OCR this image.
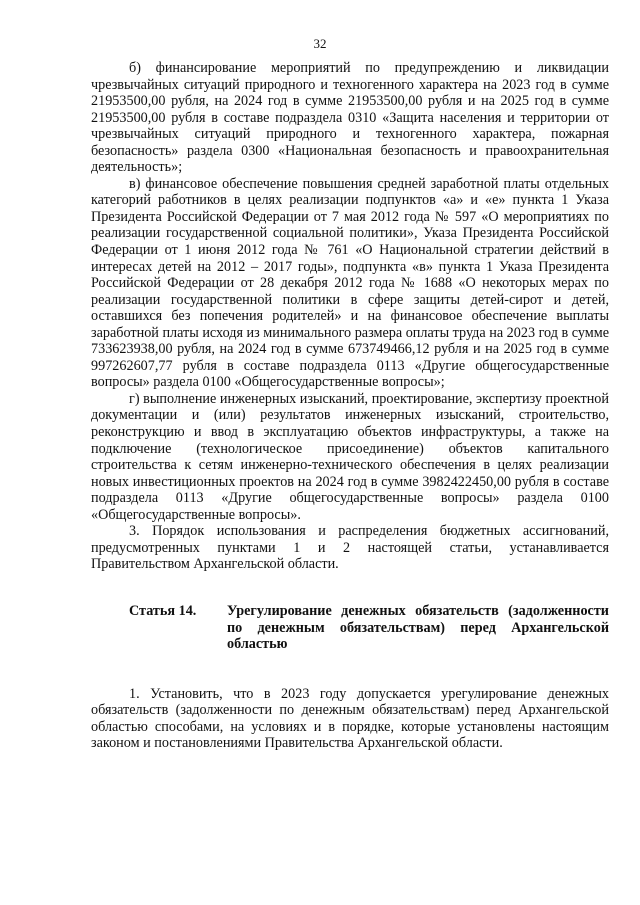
32

б) финансирование мероприятий по предупреждению и ликвидации чрезвычайных ситуаций природного и техногенного характера на 2023 год в сумме 21953500,00 рубля, на 2024 год в сумме 21953500,00 рубля и на 2025 год в сумме 21953500,00 рубля в составе подраздела 0310 «Защита населения и территории от чрезвычайных ситуаций природного и техногенного характера, пожарная безопасность» раздела 0300 «Национальная безопасность и правоохранительная деятельность»;

в) финансовое обеспечение повышения средней заработной платы отдельных категорий работников в целях реализации подпунктов «а» и «е» пункта 1 Указа Президента Российской Федерации от 7 мая 2012 года № 597 «О мероприятиях по реализации государственной социальной политики», Указа Президента Российской Федерации от 1 июня 2012 года № 761 «О Национальной стратегии действий в интересах детей на 2012 – 2017 годы», подпункта «в» пункта 1 Указа Президента Российской Федерации от 28 декабря 2012 года № 1688 «О некоторых мерах по реализации государственной политики в сфере защиты детей-сирот и детей, оставшихся без попечения родителей» и на финансовое обеспечение выплаты заработной платы исходя из минимального размера оплаты труда на 2023 год в сумме 733623938,00 рубля, на 2024 год в сумме 673749466,12 рубля и на 2025 год в сумме 997262607,77 рубля в составе подраздела 0113 «Другие общегосударственные вопросы» раздела 0100 «Общегосударственные вопросы»;

г) выполнение инженерных изысканий, проектирование, экспертизу проектной документации и (или) результатов инженерных изысканий, строительство, реконструкцию и ввод в эксплуатацию объектов инфраструктуры, а также на подключение (технологическое присоединение) объектов капитального строительства к сетям инженерно-технического обеспечения в целях реализации новых инвестиционных проектов на 2024 год в сумме 3982422450,00 рубля в составе подраздела 0113 «Другие общегосударственные вопросы» раздела 0100 «Общегосударственные вопросы».

3. Порядок использования и распределения бюджетных ассигнований, предусмотренных пунктами 1 и 2 настоящей статьи, устанавливается Правительством Архангельской области.

Статья 14.	Урегулирование денежных обязательств (задолженности по денежным обязательствам) перед Архангельской областью

1. Установить, что в 2023 году допускается урегулирование денежных обязательств (задолженности по денежным обязательствам) перед Архангельской областью способами, на условиях и в порядке, которые установлены настоящим законом и постановлениями Правительства Архангельской области.
